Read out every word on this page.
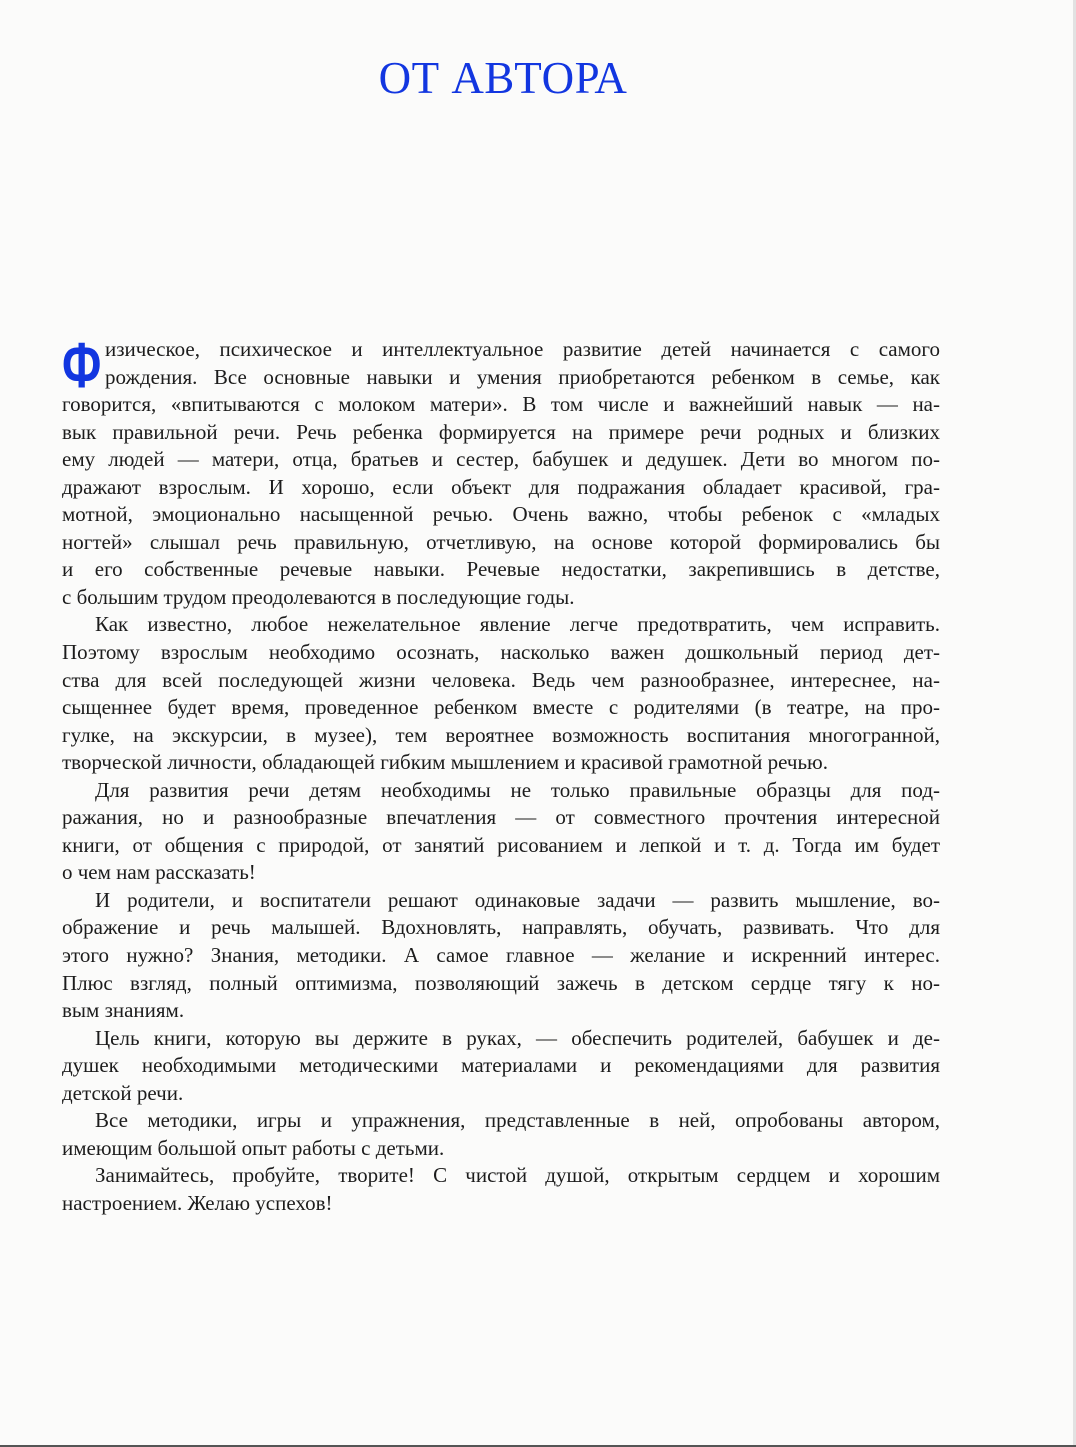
ОТ АВТОРА
Ф изическое, психическое и интеллектуальное развитие детей начинается с самого
рождения. Все основные навыки и умения приобретаются ребенком в семье, как
говорится, «впитываются с молоком матери». В том числе и важнейший навык — на-
вык правильной речи. Речь ребенка формируется на примере речи родных и близких
ему людей — матери, отца, братьев и сестер, бабушек и дедушек. Дети во многом по-
дражают взрослым. И хорошо, если объект для подражания обладает красивой, гра-
мотной, эмоционально насыщенной речью. Очень важно, чтобы ребенок с «младых
ногтей» слышал речь правильную, отчетливую, на основе которой формировались бы
и его собственные речевые навыки. Речевые недостатки, закрепившись в детстве,
с большим трудом преодолеваются в последующие годы.
Как известно, любое нежелательное явление легче предотвратить, чем исправить.
Поэтому взрослым необходимо осознать, насколько важен дошкольный период дет-
ства для всей последующей жизни человека. Ведь чем разнообразнее, интереснее, на-
сыщеннее будет время, проведенное ребенком вместе с родителями (в театре, на про-
гулке, на экскурсии, в музее), тем вероятнее возможность воспитания многогранной,
творческой личности, обладающей гибким мышлением и красивой грамотной речью.
Для развития речи детям необходимы не только правильные образцы для под-
ражания, но и разнообразные впечатления — от совместного прочтения интересной
книги, от общения с природой, от занятий рисованием и лепкой и т. д. Тогда им будет
о чем нам рассказать!
И родители, и воспитатели решают одинаковые задачи — развить мышление, во-
ображение и речь малышей. Вдохновлять, направлять, обучать, развивать. Что для
этого нужно? Знания, методики. А самое главное — желание и искренний интерес.
Плюс взгляд, полный оптимизма, позволяющий зажечь в детском сердце тягу к но-
вым знаниям.
Цель книги, которую вы держите в руках, — обеспечить родителей, бабушек и де-
душек необходимыми методическими материалами и рекомендациями для развития
детской речи.
Все методики, игры и упражнения, представленные в ней, опробованы автором,
имеющим большой опыт работы с детьми.
Занимайтесь, пробуйте, творите! С чистой душой, открытым сердцем и хорошим
настроением. Желаю успехов!
